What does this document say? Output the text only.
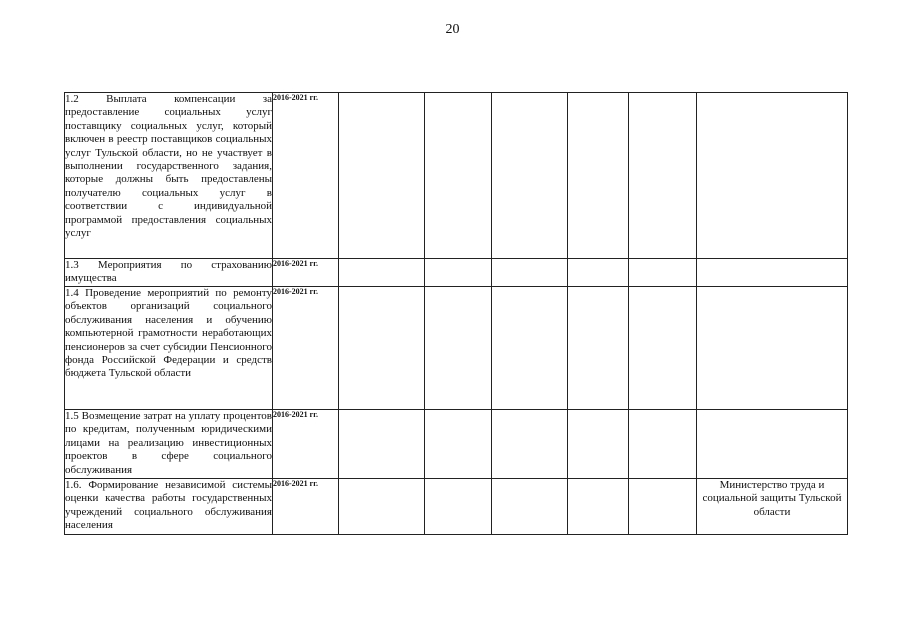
20
1.2 Выплата компенсации за предоставление социальных услуг поставщику социальных услуг, который включен в реестр поставщиков социальных услуг Тульской области, но не участвует в выполнении государственного задания, которые должны быть предоставлены получателю социальных услуг в соответствии с индивидуальной программой предоставления социальных услуг	2016-2021 гг.						
1.3 Мероприятия по страхованию имущества	2016-2021 гг.						
1.4 Проведение мероприятий по ремонту объектов организаций социального обслуживания населения и обучению компьютерной грамотности неработающих пенсионеров за счет субсидии Пенсионного фонда Российской Федерации и средств бюджета Тульской области	2016-2021 гг.						
1.5 Возмещение затрат на уплату процентов по кредитам, полученным юридическими лицами на реализацию инвестиционных проектов в сфере социального обслуживания	2016-2021 гг.						
1.6. Формирование независимой системы оценки качества работы государственных учреждений социального обслуживания населения	2016-2021 гг.						Министерство труда и социальной защиты Тульской области
